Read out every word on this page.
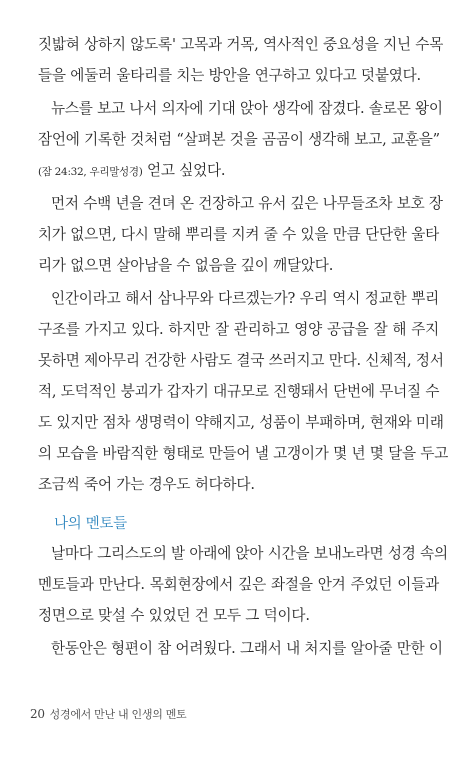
짓밟혀 상하지 않도록' 고목과 거목, 역사적인 중요성을 지닌 수목
들을 에둘러 울타리를 치는 방안을 연구하고 있다고 덧붙였다.
뉴스를 보고 나서 의자에 기대 앉아 생각에 잠겼다. 솔로몬 왕이
잠언에 기록한 것처럼 “살펴본 것을 곰곰이 생각해 보고, 교훈을”
(잠 24:32, 우리말성경) 얻고 싶었다.
먼저 수백 년을 견뎌 온 건장하고 유서 깊은 나무들조차 보호 장
치가 없으면, 다시 말해 뿌리를 지켜 줄 수 있을 만큼 단단한 울타
리가 없으면 살아남을 수 없음을 깊이 깨달았다.
인간이라고 해서 삼나무와 다르겠는가? 우리 역시 정교한 뿌리
구조를 가지고 있다. 하지만 잘 관리하고 영양 공급을 잘 해 주지
못하면 제아무리 건강한 사람도 결국 쓰러지고 만다. 신체적, 정서
적, 도덕적인 붕괴가 갑자기 대규모로 진행돼서 단번에 무너질 수
도 있지만 점차 생명력이 약해지고, 성품이 부패하며, 현재와 미래
의 모습을 바람직한 형태로 만들어 낼 고갱이가 몇 년 몇 달을 두고
조금씩 죽어 가는 경우도 허다하다.
나의 멘토들
날마다 그리스도의 발 아래에 앉아 시간을 보내노라면 성경 속의
멘토들과 만난다. 목회현장에서 깊은 좌절을 안겨 주었던 이들과
정면으로 맞설 수 있었던 건 모두 그 덕이다.
한동안은 형편이 참 어려웠다. 그래서 내 처지를 알아줄 만한 이
20 성경에서 만난 내 인생의 멘토
